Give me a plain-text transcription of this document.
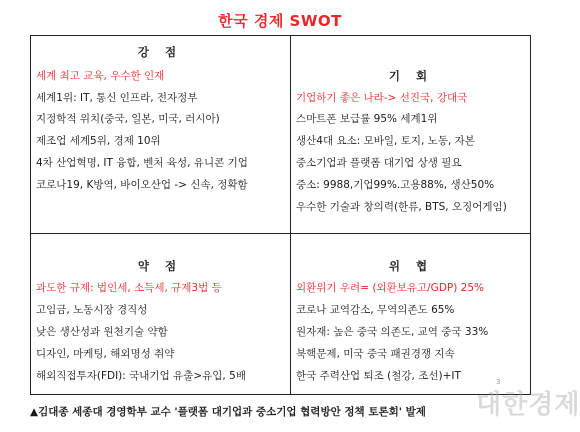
한국 경제 SWOT
강 점
세계 최고 교육, 우수한 인재
세계1위: IT, 통신 인프라, 전자정부
지정학적 위치(중국, 일본, 미국, 러시아)
제조업 세계5위, 경제 10위
4차 산업혁명, IT 융합, 벤처 육성, 유니콘 기업
코로나19, K방역, 바이오산업 -> 신속, 정확함
기 회
기업하기 좋은 나라-> 선진국, 강대국
스마트폰 보급률 95% 세계1위
생산4대 요소: 모바일, 토지, 노동, 자본
중소기업과 플랫폼 대기업 상생 필요
중소: 9988,기업99%.고용88%, 생산50%
우수한 기술과 창의력(한류, BTS, 오징어게임)
약 점
과도한 규제: 법인세, 소득세, 규제3법 등
고임금, 노동시장 경직성
낮은 생산성과 원천기술 약함
디자인, 마케팅, 해외명성 취약
해외직접투자(FDI): 국내기업 유출>유입, 5배
위 협
외환위기 우려= (외환보유고/GDP) 25%
코로나 교역감소, 무역의존도 65%
원자재: 높은 중국 의존도, 교역 중국 33%
북핵문제, 미국 중국 패권경쟁 지속
한국 주력산업 퇴조 (철강, 조선)+IT	3
대한경제
▲김대종 세종대 경영학부 교수 '플랫폼 대기업과 중소기업 협력방안 정책 토론회' 발제
